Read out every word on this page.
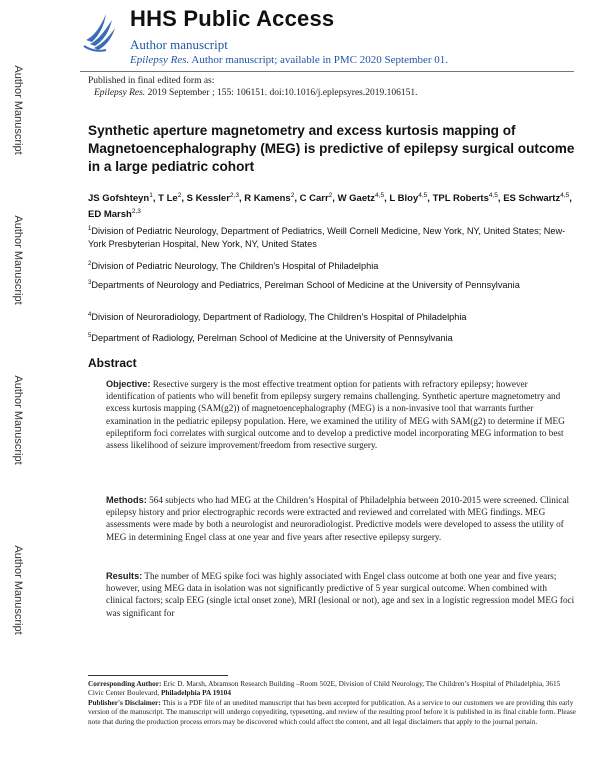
Author Manuscript
Author Manuscript
Author Manuscript
Author Manuscript
HHS Public Access
Author manuscript
Epilepsy Res. Author manuscript; available in PMC 2020 September 01.
Published in final edited form as:
Epilepsy Res. 2019 September ; 155: 106151. doi:10.1016/j.eplepsyres.2019.106151.
Synthetic aperture magnetometry and excess kurtosis mapping of Magnetoencephalography (MEG) is predictive of epilepsy surgical outcome in a large pediatric cohort
JS Gofshteyn$^1$, T Le$^2$, S Kessler$^{2,3}$, R Kamens$^2$, C Carr$^2$, W Gaetz$^{4,5}$, L Bloy$^{4,5}$, TPL Roberts$^{4,5}$, ES Schwartz$^{4,5}$, ED Marsh$^{2,3}$
$^1$Division of Pediatric Neurology, Department of Pediatrics, Weill Cornell Medicine, New York, NY, United States; New-York Presbyterian Hospital, New York, NY, United States
$^2$Division of Pediatric Neurology, The Children’s Hospital of Philadelphia
$^3$Departments of Neurology and Pediatrics, Perelman School of Medicine at the University of Pennsylvania
$^4$Division of Neuroradiology, Department of Radiology, The Children’s Hospital of Philadelphia
$^5$Department of Radiology, Perelman School of Medicine at the University of Pennsylvania
Abstract
Objective: Resective surgery is the most effective treatment option for patients with refractory epilepsy; however identification of patients who will benefit from epilepsy surgery remains challenging. Synthetic aperture magnetometry and excess kurtosis mapping (SAM(g2)) of magnetoencephalography (MEG) is a non-invasive tool that warrants further examination in the pediatric epilepsy population. Here, we examined the utility of MEG with SAM(g2) to determine if MEG epileptiform foci correlates with surgical outcome and to develop a predictive model incorporating MEG information to best assess likelihood of seizure improvement/freedom from resective surgery.
Methods: 564 subjects who had MEG at the Children’s Hospital of Philadelphia between 2010-2015 were screened. Clinical epilepsy history and prior electrographic records were extracted and reviewed and correlated with MEG findings. MEG assessments were made by both a neurologist and neuroradiologist. Predictive models were developed to assess the utility of MEG in determining Engel class at one year and five years after resective epilepsy surgery.
Results: The number of MEG spike foci was highly associated with Engel class outcome at both one year and five years; however, using MEG data in isolation was not significantly predictive of 5 year surgical outcome. When combined with clinical factors; scalp EEG (single ictal onset zone), MRI (lesional or not), age and sex in a logistic regression model MEG foci was significant for
Corresponding Author: Eric D. Marsh, Abramson Research Building –Room 502E, Division of Child Neurology, The Children’s Hospital of Philadelphia, 3615 Civic Center Boulevard, Philadelphia PA 19104
Publisher's Disclaimer: This is a PDF file of an unedited manuscript that has been accepted for publication. As a service to our customers we are providing this early version of the manuscript. The manuscript will undergo copyediting, typesetting, and review of the resulting proof before it is published in its final citable form. Please note that during the production process errors may be discovered which could affect the content, and all legal disclaimers that apply to the journal pertain.
